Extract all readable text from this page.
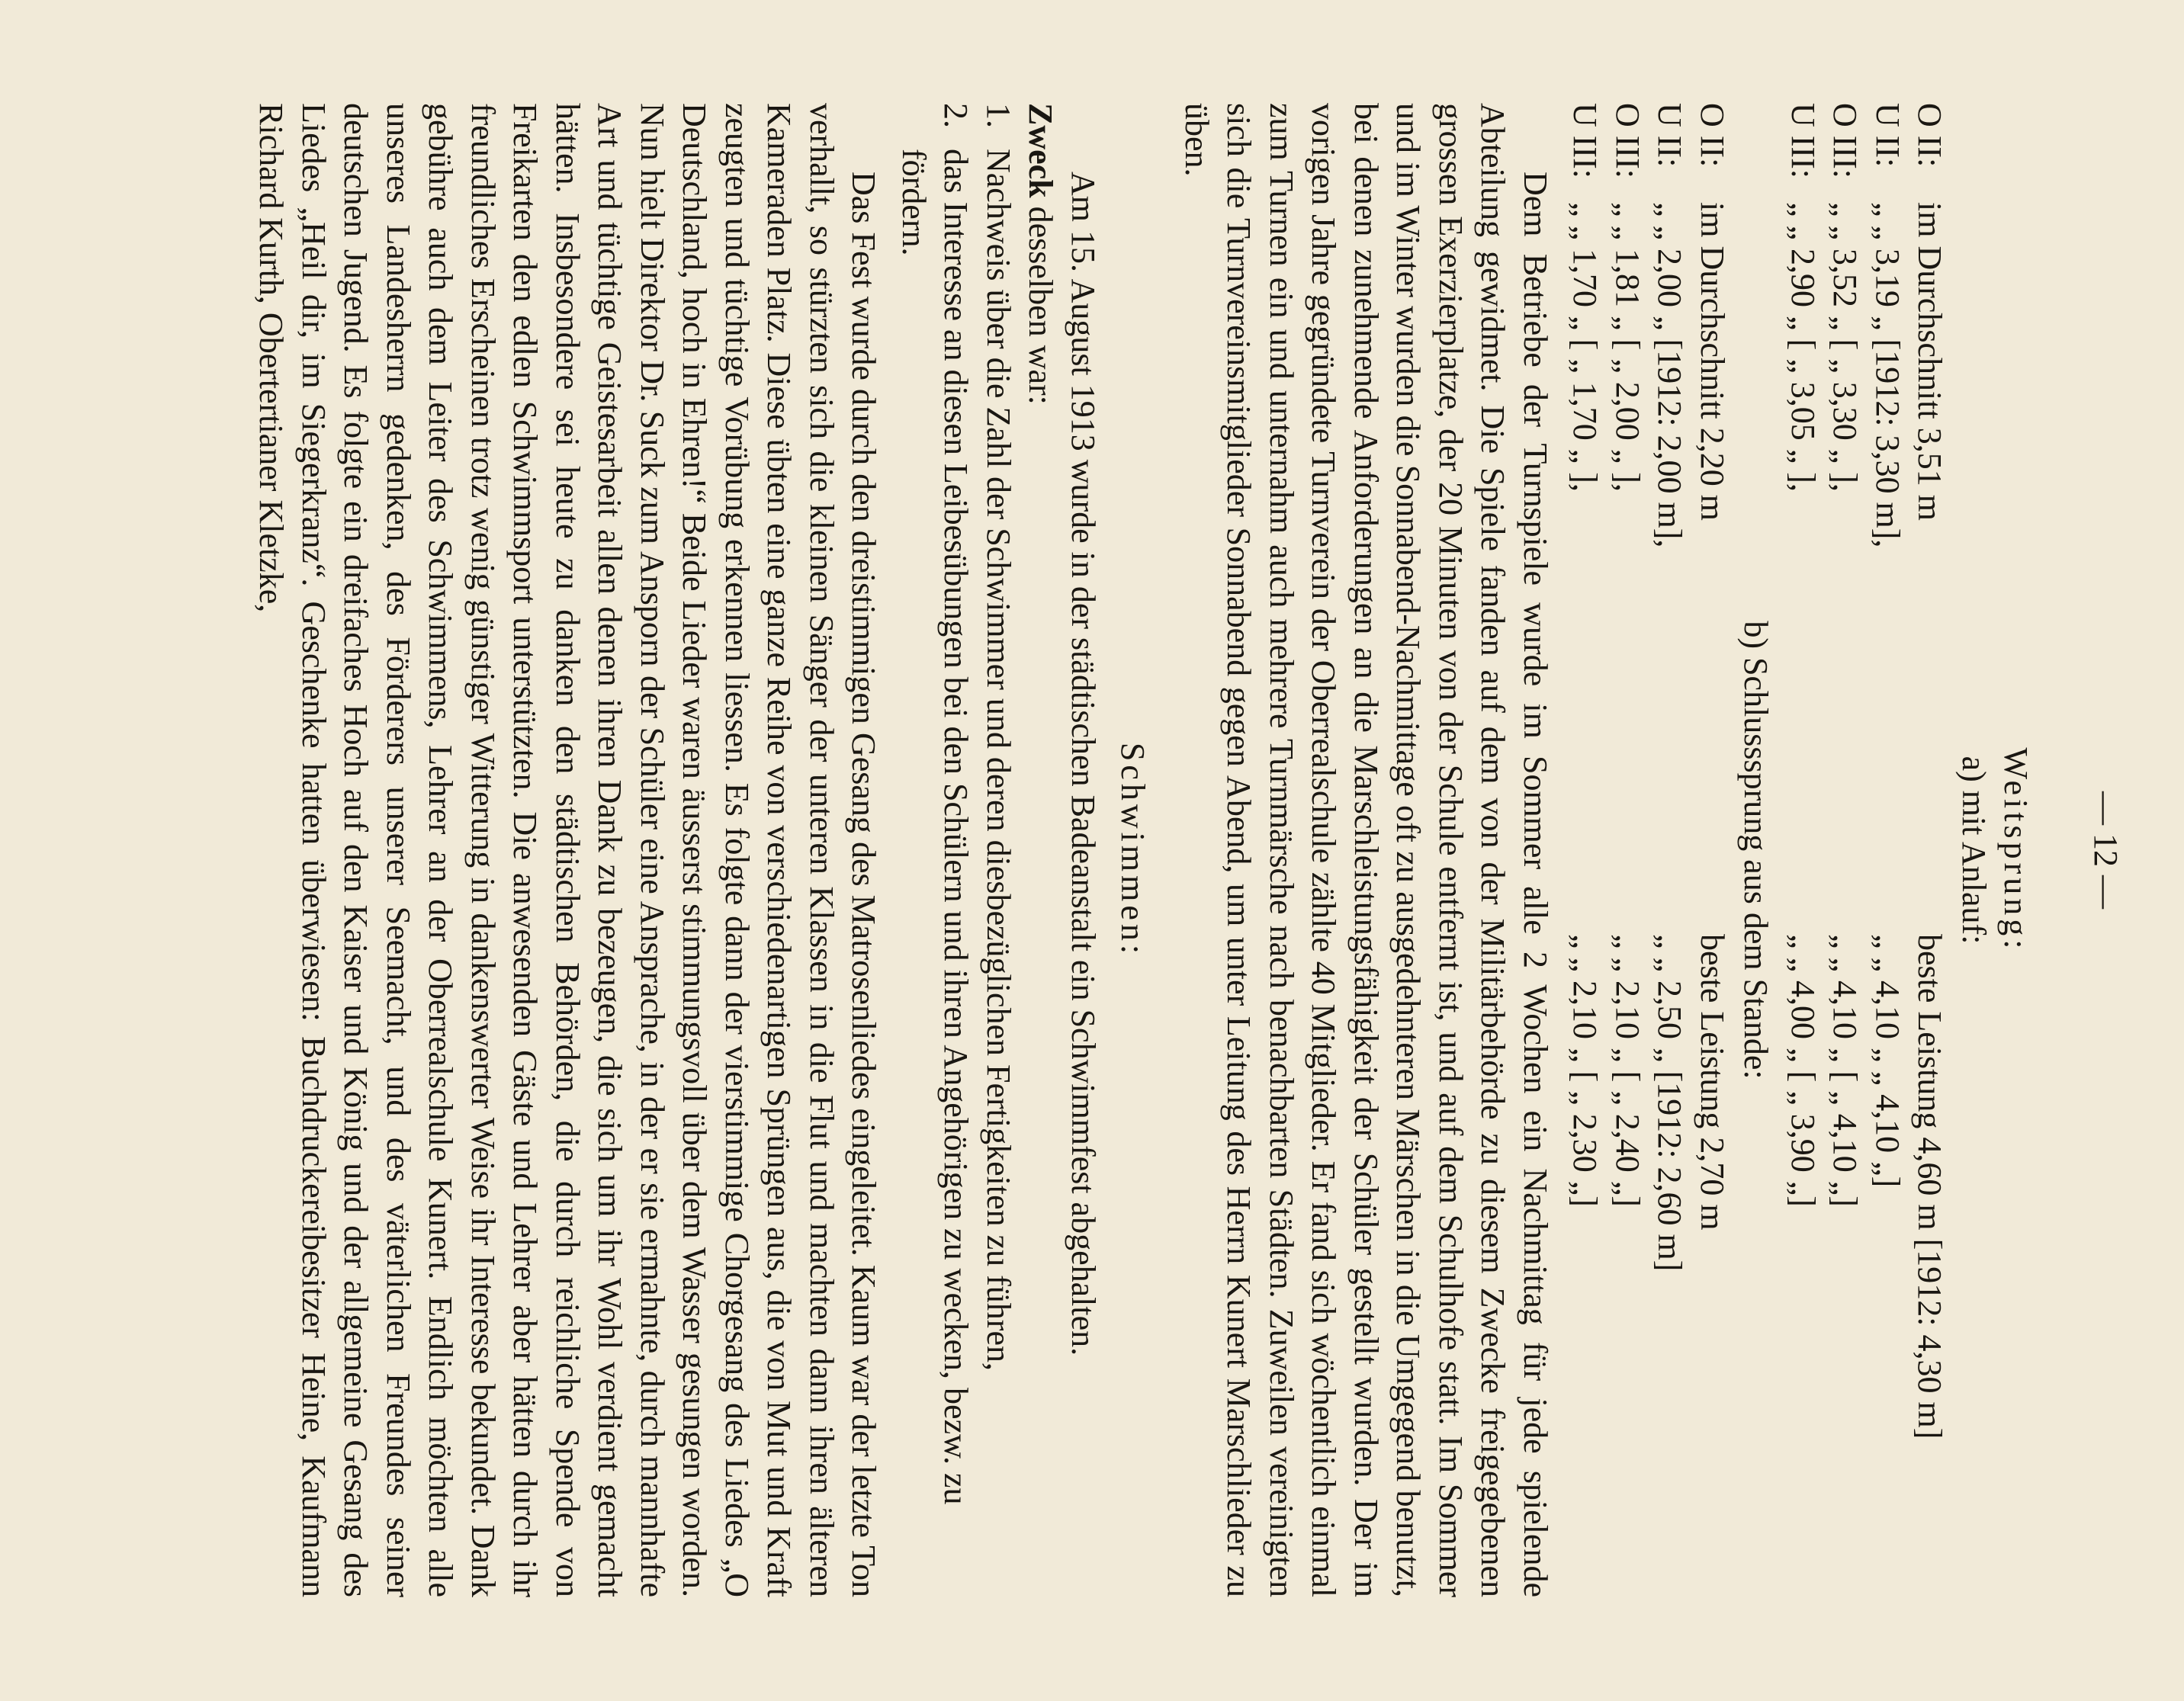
— 12 —
Weitsprung:
a) mit Anlauf:
O II:
im Durchschnitt 3,51 m
beste Leistung 4,60 m [1912: 4,30 m]
U II:
„ „ 3,19 „ [1912: 3,30 m],
„ „ 4,10 „ „ 4,10 „]
O III:
„ „ 3,52 „ [ „ 3,30 „ ],
„ „ 4,10 „ [ „ 4,10 „]
U III:
„ „ 2,90 „ [ „ 3,05 „ ],
„ „ 4,00 „ [ „ 3,90 „]
b) Schlusssprung aus dem Stande:
O II:
im Durchschnitt 2,20 m
beste Leistung 2,70 m
U II:
„ „ 2,00 „ [1912: 2,00 m],
„ „ 2,50 „ [1912: 2,60 m]
O III:
„ „ 1,81 „ [ „ 2,00 „ ],
„ „ 2,10 „ [ „ 2,40 „]
U III:
„ „ 1,70 „ [ „ 1,70 „ ],
„ „ 2,10 „ [ „ 2,30 „]

Dem Betriebe der Turnspiele wurde im Sommer alle 2 Wochen ein Nachmittag für jede spielende Abteilung gewidmet. Die Spiele fanden auf dem von der Militärbehörde zu diesem Zwecke freigegebenen grossen Exerzierplatze, der 20 Minuten von der Schule entfernt ist, und auf dem Schulhofe statt. Im Sommer und im Winter wurden die Sonnabend-Nachmittage oft zu ausgedehnteren Märschen in die Umgegend benutzt, bei denen zunehmende Anforderungen an die Marschleistungsfähigkeit der Schüler gestellt wurden. Der im vorigen Jahre gegründete Turnverein der Oberrealschule zählte 40 Mitglieder. Er fand sich wöchentlich einmal zum Turnen ein und unternahm auch mehrere Turnmärsche nach benachbarten Städten. Zuweilen vereinigten sich die Turnvereinsmitglieder Sonnabend gegen Abend, um unter Leitung des Herrn Kunert Marschlieder zu üben.

Schwimmen:

Am 15. August 1913 wurde in der städtischen Badeanstalt ein Schwimmfest abgehalten.

Zweck desselben war:

1.
Nachweis über die Zahl der Schwimmer und deren diesbezüglichen Fertigkeiten zu führen,
2.
das Interesse an diesen Leibesübungen bei den Schülern und ihren Angehörigen zu wecken, bezw. zu fördern.

Das Fest wurde durch den dreistimmigen Gesang des Matrosenliedes eingeleitet. Kaum war der letzte Ton verhallt, so stürzten sich die kleinen Sänger der unteren Klassen in die Flut und machten dann ihren älteren Kameraden Platz. Diese übten eine ganze Reihe von verschiedenartigen Sprüngen aus, die von Mut und Kraft zeugten und tüchtige Vorübung erkennen liessen. Es folgte dann der vierstimmige Chorgesang des Liedes „O Deutschland, hoch in Ehren!“ Beide Lieder waren äusserst stimmungsvoll über dem Wasser gesungen worden. Nun hielt Direktor Dr. Suck zum Ansporn der Schüler eine Ansprache, in der er sie ermahnte, durch mannhafte Art und tüchtige Geistesarbeit allen denen ihren Dank zu bezeugen, die sich um ihr Wohl verdient gemacht hätten. Insbesondere sei heute zu danken den städtischen Behörden, die durch reichliche Spende von Freikarten den edlen Schwimmsport unterstützten. Die anwesenden Gäste und Lehrer aber hätten durch ihr freundliches Erscheinen trotz wenig günstiger Witterung in dankenswerter Weise ihr Interesse bekundet. Dank gebühre auch dem Leiter des Schwimmens, Lehrer an der Oberrealschule Kunert. Endlich möchten alle unseres Landesherrn gedenken, des Förderers unserer Seemacht, und des väterlichen Freundes seiner deutschen Jugend. Es folgte ein dreifaches Hoch auf den Kaiser und König und der allgemeine Gesang des Liedes „Heil dir, im Siegerkranz“. Geschenke hatten überwiesen: Buchdruckereibesitzer Heine, Kaufmann Richard Kurth, Obertertianer Kletzke,
